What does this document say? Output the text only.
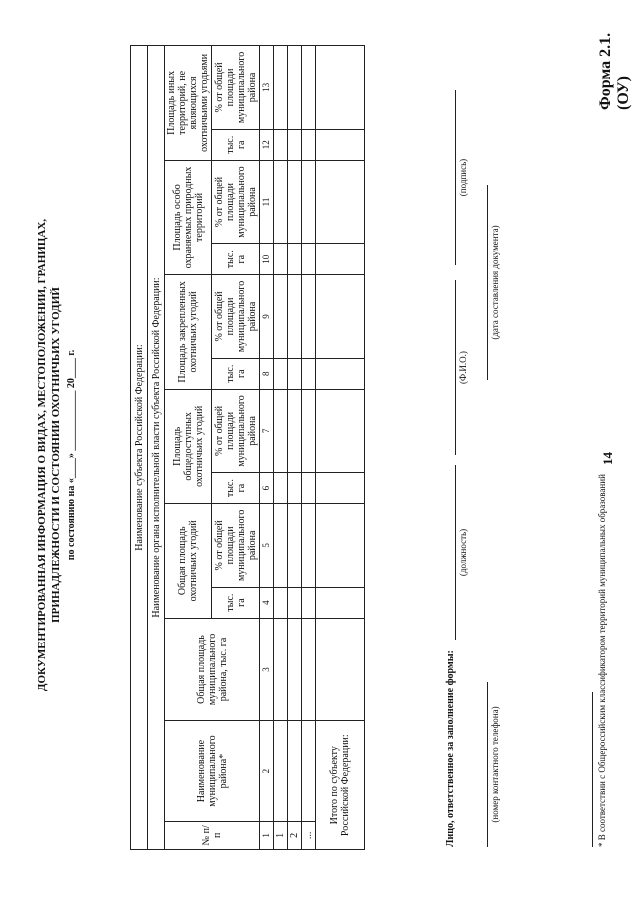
14
Форма 2.1. (ОУ)
ДОКУМЕНТИРОВАННАЯ ИНФОРМАЦИЯ О ВИДАХ, МЕСТОПОЛОЖЕНИИ, ГРАНИЦАХ, ПРИНАДЛЕЖНОСТИ И СОСТОЯНИИ ОХОТНИЧЬИХ УГОДИЙ по состоянию на «____» ____________ 20____ г.	Наименование субъекта Российской Федерации:												
Наименование органа исполнительной власти субъекта Российской Федерации:												
№ п/п	Наименование муниципального района*	Общая площадь муниципального района, тыс. га	Общая площадь охотничьих угодий		Площадь общедоступных охотничьих угодий		Площадь закрепленных охотничьих угодий		Площадь особо охраняемых природных территорий		Площадь иных территорий, не являющихся охотничьими угодьями	
			тыс. га	% от общей площади муниципального района	тыс. га	% от общей площади муниципального района	тыс. га	% от общей площади муниципального района	тыс. га	% от общей площади муниципального района	тыс. га	% от общей площади муниципального района
1	2	3	4	5	6	7	8	9	10	11	12	13
1												
2												
...												
Итого по субъекту Российской Федерации:													Лицо, ответственное за заполнение формы:
(должность)
(Ф.И.О.)
(подпись)
(номер контактного телефона)
(дата составления документа)
* В соответствии с Общероссийским классификатором территорий муниципальных образований
